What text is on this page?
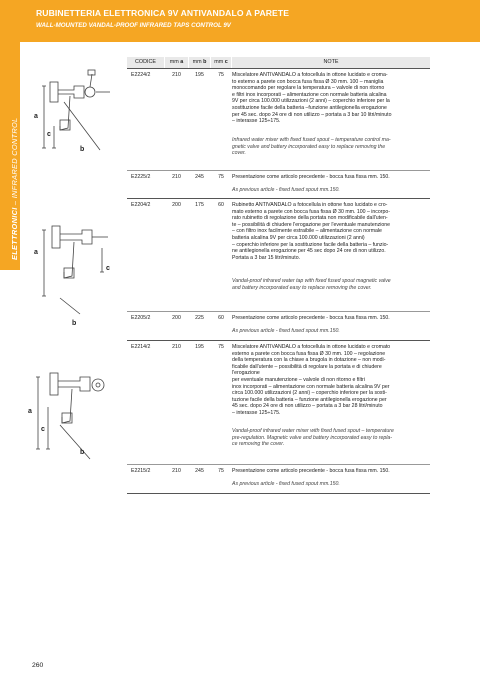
RUBINETTERIA ELETTRONICA 9V ANTIVANDALO A PARETE
WALL-MOUNTED VANDAL-PROOF INFRARED TAPS CONTROL 9V
ELETTRONICI – INFRARED CONTROL
CODICE	mm a	mm b	mm c	NOTE
E2224/2	210	195	75	Miscelatore ANTIVANDALO a fotocellula in ottone lucidato e croma-
to esterno a parete con bocca fusa fissa Ø 30 mm. 100 – maniglia
monocomando per regolare la temperatura – valvole di non ritorno
e filtri inox incorporati – alimentazione con normale batteria alcalina
9V per circa 100.000 utilizzazioni (2 anni) – coperchio inferiore per la
sostituzione facile della batteria –funzione antilegionella erogazione
per 45 sec. dopo 24 ore di non utilizzo – portata a 3 bar 10 litri/minuto
– interasse 125÷175.
Infrared water mixer with fixed fused spout – temperature control ma-
gnetic valve and battery incorporated easy to replace removing the
cover.
E2225/2	210	245	75	Presentazione come articolo precedente - bocca fusa fissa mm. 150.
As previous article - fixed fused spout mm.150.
E2204/2	200	175	60	Rubinetto ANTIVANDALO a fotocellula in ottone fuso lucidato e cro-
mato esterno a parete con bocca fusa fissa Ø 30 mm. 100 – incorpo-
rato rubinetto di regolazione della portata non modificabile dall'uten-
te – possibilità di chiudere l'erogazione per l'eventuale manutenzione
– con filtro inox facilmente estraibile – alimentazione con normale
batteria alcalina 9V per circa 100.000 utilizzazioni (2 anni)
– coperchio inferiore per la sostituzione facile della batteria – funzio-
ne antilegionella erogazione per 45 sec dopo 24 ore di non utilizzo.
Portata a 3 bar 15 litri/minuto.
Vandal-proof infrared water tap with fixed fused spout magnetic valve
and battery incorporated easy to replace removing the cover.
E2205/2	200	225	60	Presentazione come articolo precedente - bocca fusa fissa mm. 150.
As previous article - fixed fused spout mm.150.
E2214/2	210	195	75	Miscelatore ANTIVANDALO a fotocellula in ottone lucidato e cromato
esterno a parete con bocca fusa fissa Ø 30 mm. 100 – regolazione
della temperatura con la chiave a brugola in dotazione – non modi-
ficabile dall'utente – possibilità di regolare la portata e di chiudere
l'erogazione
per eventuale manutenzione – valvole di non ritorno e filtri
inox incorporati – alimentazione con normale batteria alcalina 9V per
circa 100.000 utilizzazioni (2 anni) – coperchio inferiore per la sosti-
tuzione facile della batteria – funzione antilegionella erogazione per
45 sec. dopo 24 ore di non utilizzo – portata a 3 bar 28 litri/minuto
– interasse 125÷175.
Vandal-proof infrared water mixer with fixed fused spout – temperature
pre-regulation. Magnetic valve and battery incorporated easy to repla-
ce removing the cover.
E2215/2	210	245	75	Presentazione come articolo precedente - bocca fusa fissa mm. 150.
As previous article - fixed fused spout mm.150.
a
c
b
a
c
b
a
c
b
260
